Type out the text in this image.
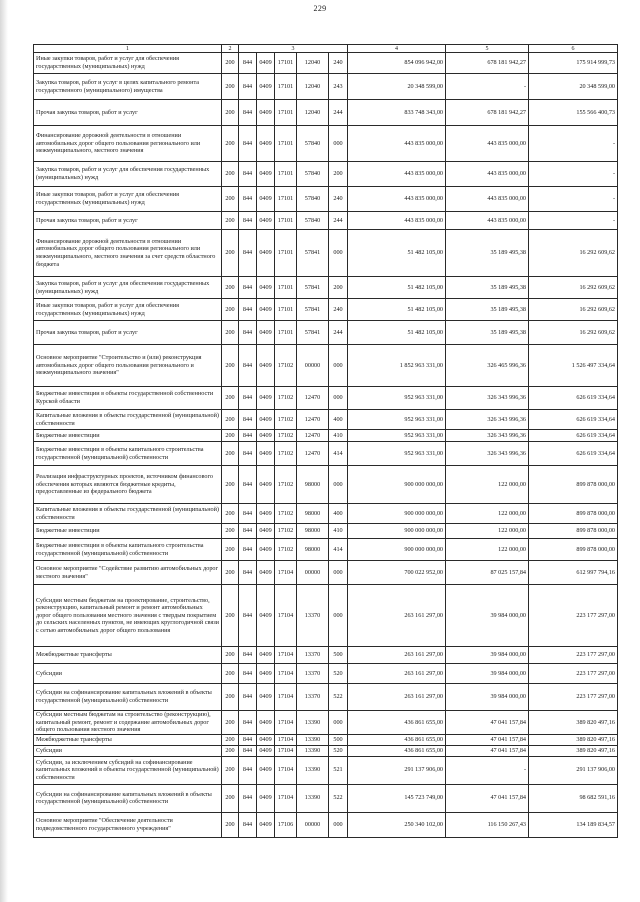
229
1	2	3					4	5	6
Иные закупки товаров, работ и услуг для обеспечения государственных (муниципальных) нужд	200	844	0409	17101	12040	240	854 096 942,00	678 181 942,27	175 914 999,73
Закупка товаров, работ и услуг в целях капитального ремонта государственного (муниципального) имущества	200	844	0409	17101	12040	243	20 348 599,00	-	20 348 599,00
Прочая закупка товаров, работ и услуг	200	844	0409	17101	12040	244	833 748 343,00	678 181 942,27	155 566 400,73
Финансирование дорожной деятельности в отношении автомобильных дорог общего пользования регионального или межмуниципального, местного значения	200	844	0409	17101	57840	000	443 835 000,00	443 835 000,00	-
Закупка товаров, работ и услуг для обеспечения государственных (муниципальных) нужд	200	844	0409	17101	57840	200	443 835 000,00	443 835 000,00	-
Иные закупки товаров, работ и услуг для обеспечения государственных (муниципальных) нужд	200	844	0409	17101	57840	240	443 835 000,00	443 835 000,00	-
Прочая закупка товаров, работ и услуг	200	844	0409	17101	57840	244	443 835 000,00	443 835 000,00	-
Финансирование дорожной деятельности в отношении автомобильных дорог общего пользования регионального или межмуниципального, местного значения за счет средств областного бюджета	200	844	0409	17101	57841	000	51 482 105,00	35 189 495,38	16 292 609,62
Закупка товаров, работ и услуг для обеспечения государственных (муниципальных) нужд	200	844	0409	17101	57841	200	51 482 105,00	35 189 495,38	16 292 609,62
Иные закупки товаров, работ и услуг для обеспечения государственных (муниципальных) нужд	200	844	0409	17101	57841	240	51 482 105,00	35 189 495,38	16 292 609,62
Прочая закупка товаров, работ и услуг	200	844	0409	17101	57841	244	51 482 105,00	35 189 495,38	16 292 609,62
Основное мероприятие "Строительство и (или) реконструкция автомобильных дорог общего пользования регионального и межмуниципального значения"	200	844	0409	17102	00000	000	1 852 963 331,00	326 465 996,36	1 526 497 334,64
Бюджетные инвестиции в объекты государственной собственности Курской области	200	844	0409	17102	12470	000	952 963 331,00	326 343 996,36	626 619 334,64
Капитальные вложения в объекты государственной (муниципальной) собственности	200	844	0409	17102	12470	400	952 963 331,00	326 343 996,36	626 619 334,64
Бюджетные инвестиции	200	844	0409	17102	12470	410	952 963 331,00	326 343 996,36	626 619 334,64
Бюджетные инвестиции в объекты капитального строительства государственной (муниципальной) собственности	200	844	0409	17102	12470	414	952 963 331,00	326 343 996,36	626 619 334,64
Реализация инфраструктурных проектов, источником финансового обеспечения которых являются бюджетные кредиты, предоставленные из федерального бюджета	200	844	0409	17102	98000	000	900 000 000,00	122 000,00	899 878 000,00
Капитальные вложения в объекты государственной (муниципальной) собственности	200	844	0409	17102	98000	400	900 000 000,00	122 000,00	899 878 000,00
Бюджетные инвестиции	200	844	0409	17102	98000	410	900 000 000,00	122 000,00	899 878 000,00
Бюджетные инвестиции в объекты капитального строительства государственной (муниципальной) собственности	200	844	0409	17102	98000	414	900 000 000,00	122 000,00	899 878 000,00
Основное мероприятие "Содействие развитию автомобильных дорог местного значения"	200	844	0409	17104	00000	000	700 022 952,00	87 025 157,84	612 997 794,16
Субсидии местным бюджетам на проектирование, строительство, реконструкцию, капитальный ремонт и ремонт автомобильных дорог общего пользования местного значения с твердым покрытием до сельских населенных пунктов, не имеющих круглогодичной связи с сетью автомобильных дорог общего пользования	200	844	0409	17104	13370	000	263 161 297,00	39 984 000,00	223 177 297,00
Межбюджетные трансферты	200	844	0409	17104	13370	500	263 161 297,00	39 984 000,00	223 177 297,00
Субсидии	200	844	0409	17104	13370	520	263 161 297,00	39 984 000,00	223 177 297,00
Субсидии на софинансирование капитальных вложений в объекты государственной (муниципальной) собственности	200	844	0409	17104	13370	522	263 161 297,00	39 984 000,00	223 177 297,00
Субсидии местным бюджетам на строительство (реконструкцию), капитальный ремонт, ремонт и содержание автомобильных дорог общего пользования местного значения	200	844	0409	17104	13390	000	436 861 655,00	47 041 157,84	389 820 497,16
Межбюджетные трансферты	200	844	0409	17104	13390	500	436 861 655,00	47 041 157,84	389 820 497,16
Субсидии	200	844	0409	17104	13390	520	436 861 655,00	47 041 157,84	389 820 497,16
Субсидии, за исключением субсидий на софинансирование капитальных вложений в объекты государственной (муниципальной) собственности	200	844	0409	17104	13390	521	291 137 906,00	-	291 137 906,00
Субсидии на софинансирование капитальных вложений в объекты государственной (муниципальной) собственности	200	844	0409	17104	13390	522	145 723 749,00	47 041 157,84	98 682 591,16
Основное мероприятие "Обеспечение деятельности подведомственного государственного учреждения"	200	844	0409	17106	00000	000	250 340 102,00	116 150 267,43	134 189 834,57
